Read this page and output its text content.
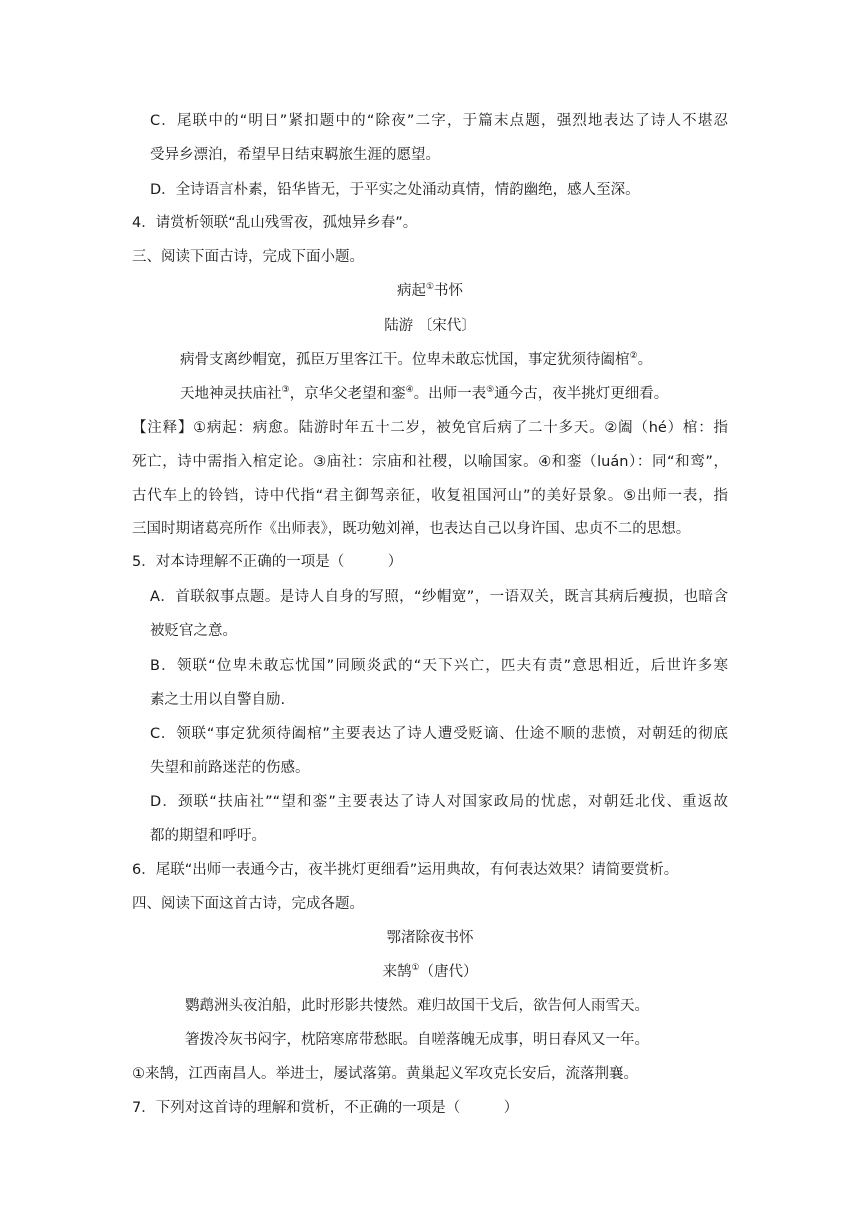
C．尾联中的“明日”紧扣题中的“除夜”二字，于篇末点题，强烈地表达了诗人不堪忍
受异乡漂泊，希望早日结束羁旅生涯的愿望。
D．全诗语言朴素，铅华皆无，于平实之处涌动真情，情韵幽绝，感人至深。
4．请赏析领联“乱山残雪夜，孤烛异乡春”。
三、阅读下面古诗，完成下面小题。
病起①书怀
陆游 〔宋代〕
病骨支离纱帽宽，孤臣万里客江干。位卑未敢忘忧国，事定犹须待阖棺②。
天地神灵扶庙社③，京华父老望和銮④。出师一表⑤通今古，夜半挑灯更细看。
【注释】①病起：病愈。陆游时年五十二岁，被免官后病了二十多天。②阖（hé）棺：指
死亡，诗中需指入棺定论。③庙社：宗庙和社稷，以喻国家。④和銮（luán）：同“和鸾”，
古代车上的铃铛，诗中代指“君主御驾亲征，收复祖国河山”的美好景象。⑤出师一表，指
三国时期诸葛亮所作《出师表》，既功勉刘禅，也表达自己以身许国、忠贞不二的思想。
5．对本诗理解不正确的一项是（　　　）
A．首联叙事点题。是诗人自身的写照，“纱帽宽”，一语双关，既言其病后瘦损，也暗含
被贬官之意。
B．领联“位卑未敢忘忧国”同顾炎武的“天下兴亡，匹夫有责”意思相近，后世许多寒
素之士用以自警自励.
C．领联“事定犹须待阖棺”主要表达了诗人遭受贬谪、仕途不顺的悲愤，对朝廷的彻底
失望和前路迷茫的伤感。
D．颈联“扶庙社”“望和銮”主要表达了诗人对国家政局的忧虑，对朝廷北伐、重返故
都的期望和呼吁。
6．尾联“出师一表通今古，夜半挑灯更细看”运用典故，有何表达效果？请简要赏析。
四、阅读下面这首古诗，完成各题。
鄂渚除夜书怀
来鹄①（唐代）
鹦鹉洲头夜泊船，此时形影共悽然。难归故国干戈后，欲告何人雨雪天。
箸拨冷灰书闷字，枕陪寒席带愁眠。自嗟落魄无成事，明日春风又一年。
①来鹄，江西南昌人。举进士，屡试落第。黄巢起义军攻克长安后，流落荆襄。
7．下列对这首诗的理解和赏析，不正确的一项是（　　　）
